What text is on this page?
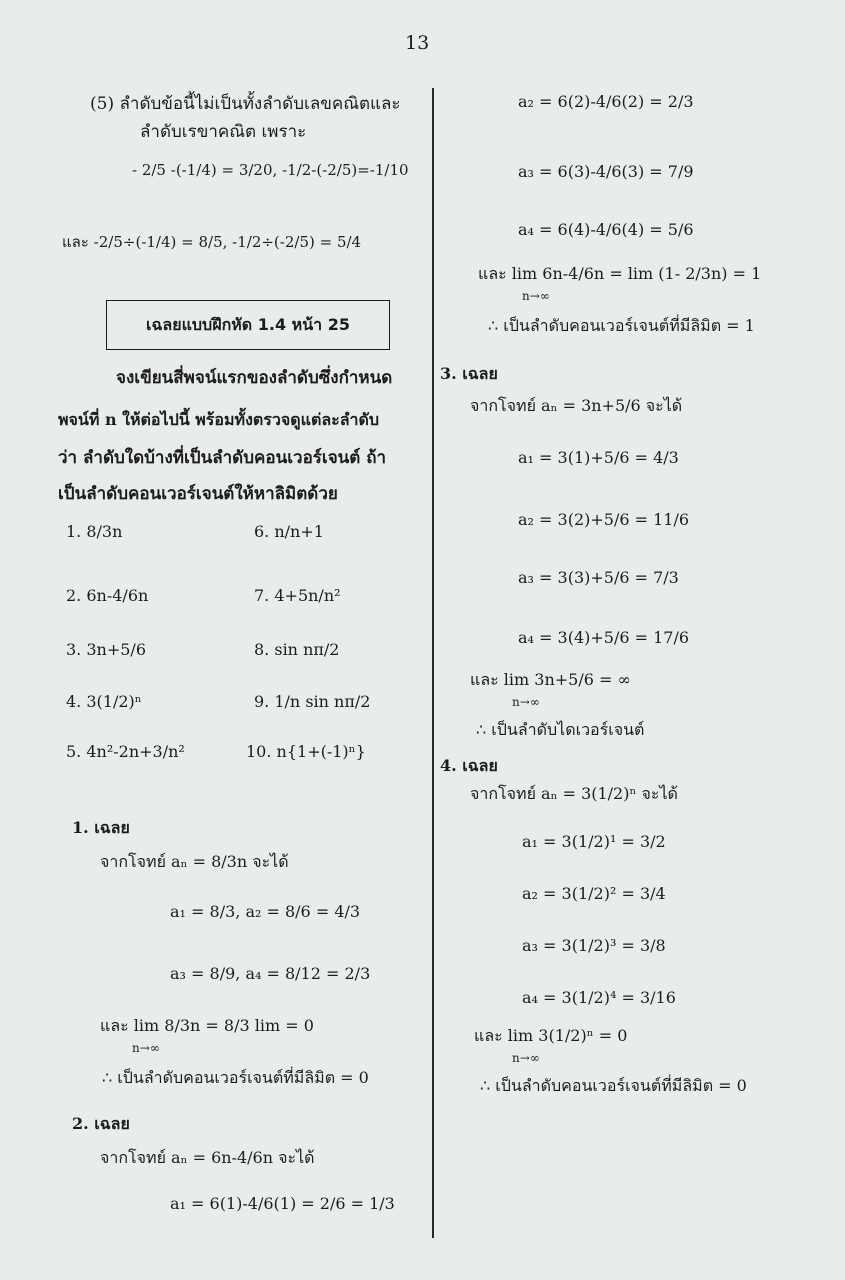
13
(5) ลำดับข้อนี้ไม่เป็นทั้งลำดับเลขคณิตและ
ลำดับเรขาคณิต เพราะ
- 2/5 -(-1/4) = 3/20, -1/2-(-2/5)=-1/10
และ -2/5÷(-1/4) = 8/5, -1/2÷(-2/5) = 5/4
เฉลยแบบฝึกหัด 1.4 หน้า 25
จงเขียนสี่พจน์แรกของลำดับซึ่งกำหนด
พจน์ที่ n ให้ต่อไปนี้ พร้อมทั้งตรวจดูแต่ละลำดับ
ว่า ลำดับใดบ้างที่เป็นลำดับคอนเวอร์เจนต์ ถ้า
เป็นลำดับคอนเวอร์เจนต์ให้หาลิมิตด้วย
1. 8/3n	6. n/n+1
2. 6n-4/6n	7. 4+5n/n²
3. 3n+5/6	8. sin nπ/2
4. 3(1/2)ⁿ	9. 1/n sin nπ/2
5. 4n²-2n+3/n²	10. n{1+(-1)ⁿ}
1. เฉลย
จากโจทย์ aₙ = 8/3n จะได้
a₁ = 8/3, a₂ = 8/6 = 4/3
a₃ = 8/9, a₄ = 8/12 = 2/3
และ lim 8/3n = 8/3 lim = 0
n→∞
∴ เป็นลำดับคอนเวอร์เจนต์ที่มีลิมิต = 0
2. เฉลย
จากโจทย์ aₙ = 6n-4/6n จะได้
a₁ = 6(1)-4/6(1) = 2/6 = 1/3
a₂ = 6(2)-4/6(2) = 2/3
a₃ = 6(3)-4/6(3) = 7/9
a₄ = 6(4)-4/6(4) = 5/6
และ lim 6n-4/6n = lim (1- 2/3n) = 1
n→∞
∴ เป็นลำดับคอนเวอร์เจนต์ที่มีลิมิต = 1
3. เฉลย
จากโจทย์ aₙ = 3n+5/6 จะได้
a₁ = 3(1)+5/6 = 4/3
a₂ = 3(2)+5/6 = 11/6
a₃ = 3(3)+5/6 = 7/3
a₄ = 3(4)+5/6 = 17/6
และ lim 3n+5/6 = ∞
n→∞
∴ เป็นลำดับไดเวอร์เจนต์
4. เฉลย
จากโจทย์ aₙ = 3(1/2)ⁿ จะได้
a₁ = 3(1/2)¹ = 3/2
a₂ = 3(1/2)² = 3/4
a₃ = 3(1/2)³ = 3/8
a₄ = 3(1/2)⁴ = 3/16
และ lim 3(1/2)ⁿ = 0
n→∞
∴ เป็นลำดับคอนเวอร์เจนต์ที่มีลิมิต = 0
